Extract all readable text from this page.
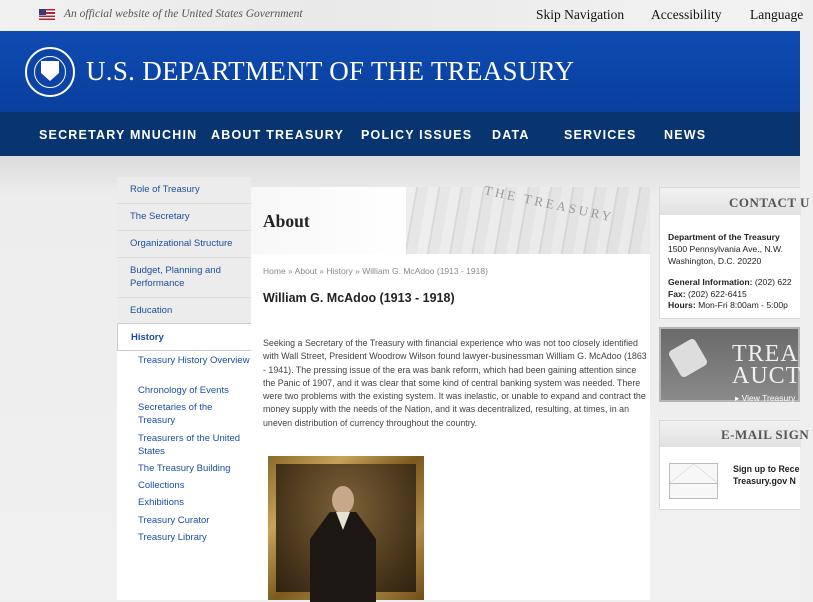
An official website of the United States Government	Skip Navigation Accessibility Language
U.S. DEPARTMENT OF THE TREASURY
SECRETARY MNUCHIN ABOUT TREASURY POLICY ISSUES DATA	SERVICES NEWS
Role of Treasury
The Secretary
Organizational Structure
Budget, Planning and Performance
Education
History
Treasury History Overview
Chronology of Events
Secretaries of the Treasury
Treasurers of the United States
The Treasury Building
Collections
Exhibitions
Treasury Curator
Treasury Library
THE TREASURY
About
Home » About » History » William G. McAdoo (1913 - 1918)
William G. McAdoo (1913 - 1918)
Seeking a Secretary of the Treasury with financial experience who was not too closely identified with Wall Street, President Woodrow Wilson found lawyer-businessman William G. McAdoo (1863 - 1941). The pressing issue of the era was bank reform, which had been gaining attention since the Panic of 1907, and it was clear that some kind of central banking system was needed. There were two problems with the existing system. It was inelastic, or unable to expand and contract the money supply with the needs of the Nation, and it was decentralized, resulting, at times, in an uneven distribution of currency throughout the country.
CONTACT U
Department of the Treasury
1500 Pennsylvania Ave., N.W.
Washington, D.C. 20220
General Information: (202) 622
Fax: (202) 622-6415
Hours: Mon-Fri 8:00am - 5:00p
TREAS
AUCT
▸ View Treasury
E-MAIL SIGN
Sign up to Rece
Treasury.gov N
